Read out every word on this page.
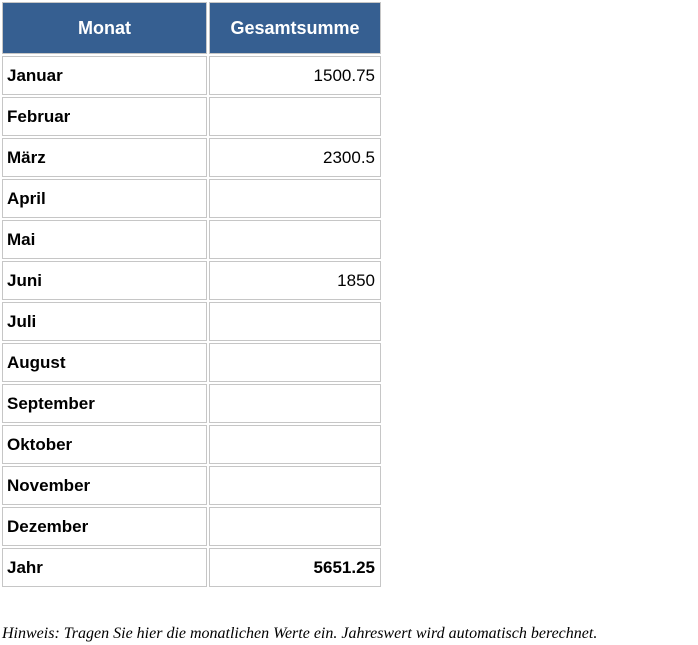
Monat	Gesamtsumme
Januar	1500.75
Februar	
März	2300.5
April	
Mai	
Juni	1850
Juli	
August	
September	
Oktober	
November	
Dezember	
Jahr	5651.25
Hinweis: Tragen Sie hier die monatlichen Werte ein. Jahreswert wird automatisch berechnet.
